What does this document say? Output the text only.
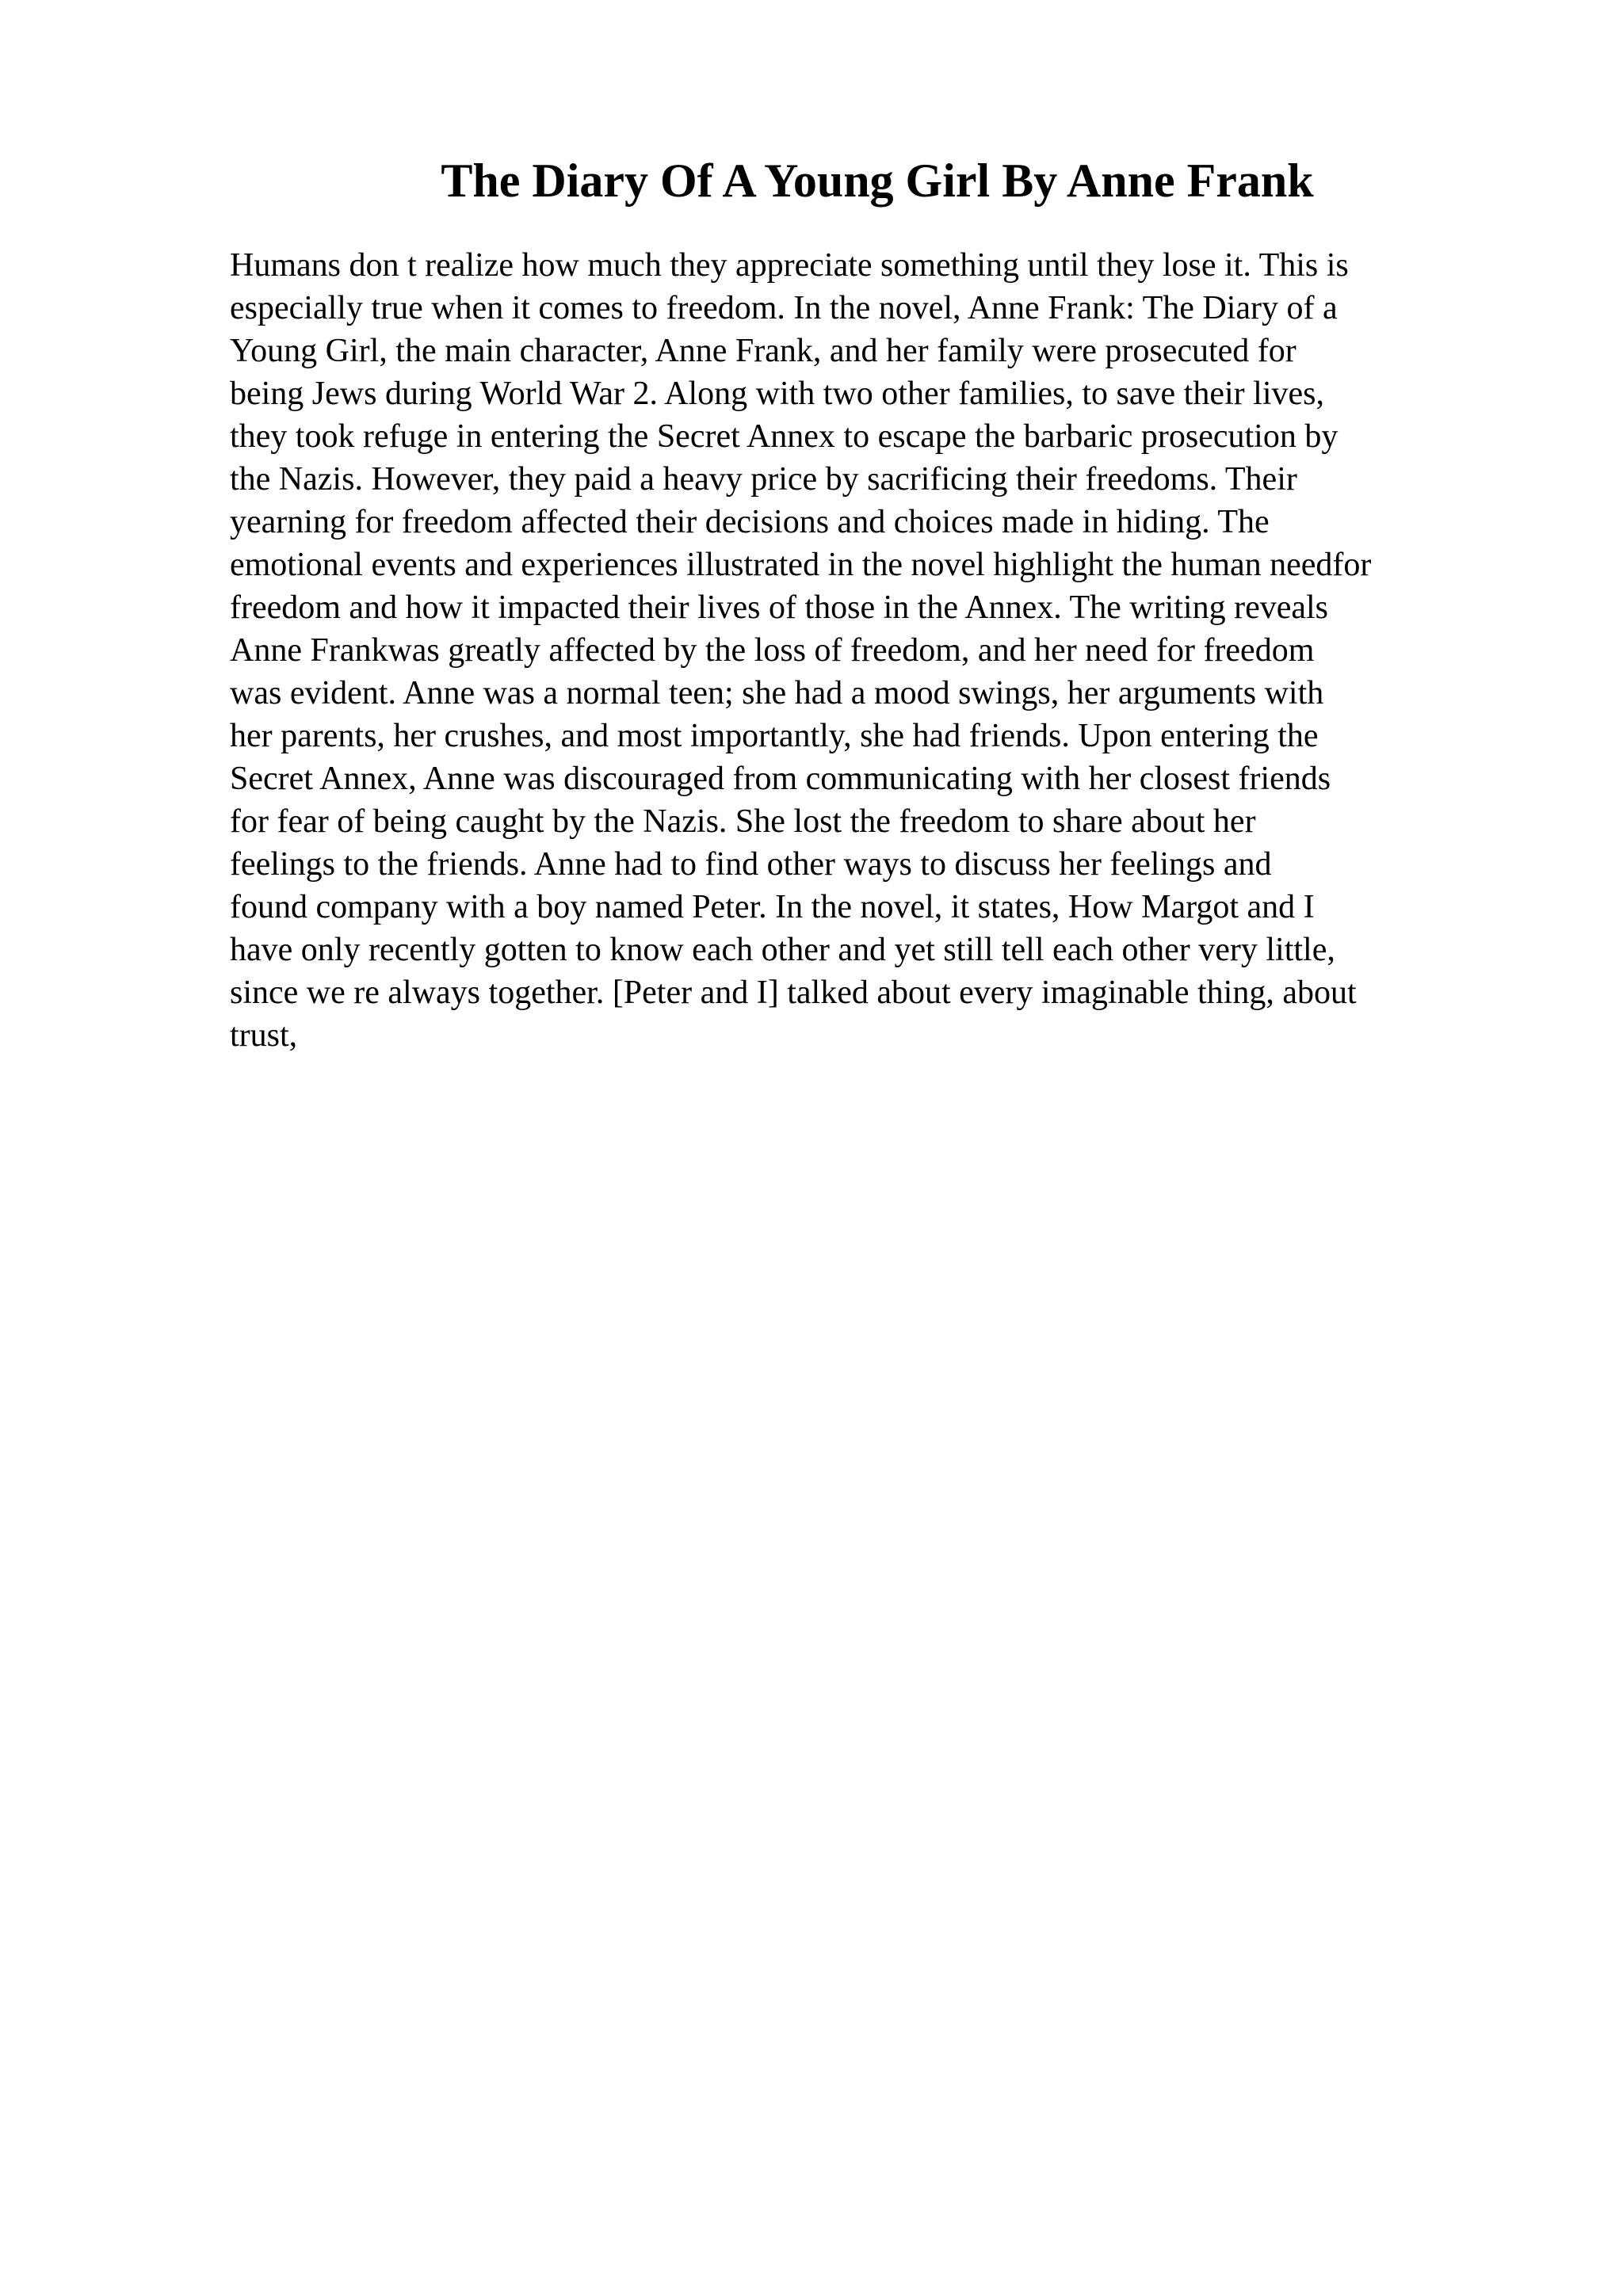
The Diary Of A Young Girl By Anne Frank
Humans don t realize how much they appreciate something until they lose it. This is
especially true when it comes to freedom. In the novel, Anne Frank: The Diary of a
Young Girl, the main character, Anne Frank, and her family were prosecuted for
being Jews during World War 2. Along with two other families, to save their lives,
they took refuge in entering the Secret Annex to escape the barbaric prosecution by
the Nazis. However, they paid a heavy price by sacrificing their freedoms. Their
yearning for freedom affected their decisions and choices made in hiding. The
emotional events and experiences illustrated in the novel highlight the human needfor
freedom and how it impacted their lives of those in the Annex. The writing reveals
Anne Frankwas greatly affected by the loss of freedom, and her need for freedom
was evident. Anne was a normal teen; she had a mood swings, her arguments with
her parents, her crushes, and most importantly, she had friends. Upon entering the
Secret Annex, Anne was discouraged from communicating with her closest friends
for fear of being caught by the Nazis. She lost the freedom to share about her
feelings to the friends. Anne had to find other ways to discuss her feelings and
found company with a boy named Peter. In the novel, it states, How Margot and I
have only recently gotten to know each other and yet still tell each other very little,
since we re always together. [Peter and I] talked about every imaginable thing, about
trust,
